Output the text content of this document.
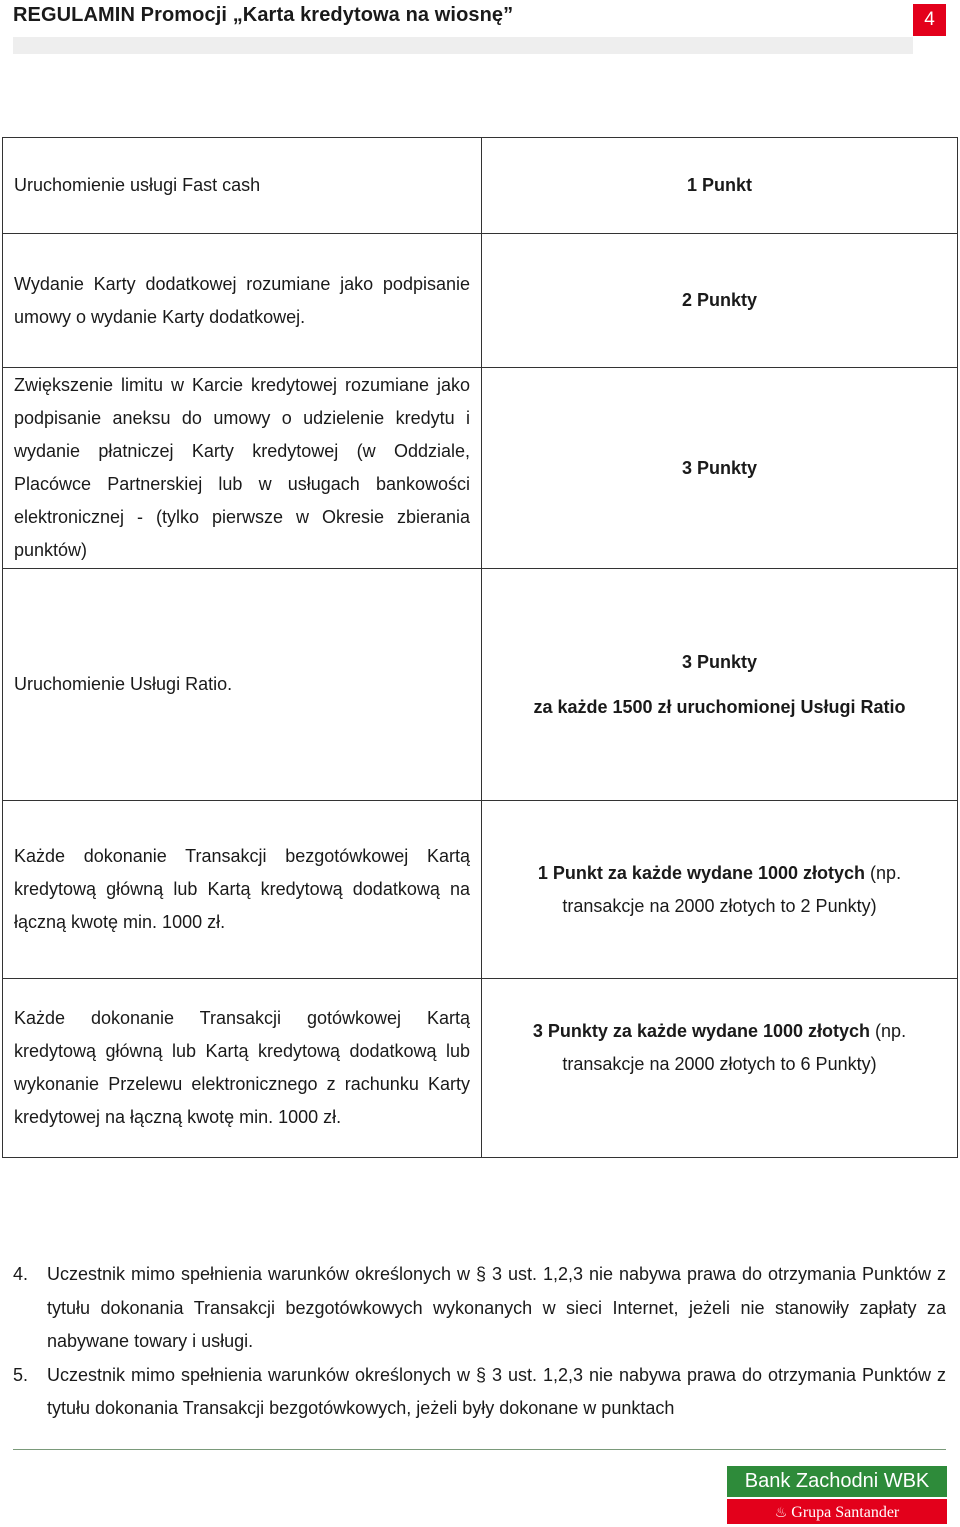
REGULAMIN Promocji „Karta kredytowa na wiosnę”	4
Uruchomienie usługi Fast cash	1 Punkt

Wydanie Karty dodatkowej rozumiane jako podpisanie umowy o wydanie Karty dodatkowej.	2 Punkty

Zwiększenie limitu w Karcie kredytowej rozumiane jako podpisanie aneksu do umowy o udzielenie kredytu i wydanie płatniczej Karty kredytowej (w Oddziale, Placówce Partnerskiej lub w usługach bankowości elektronicznej - (tylko pierwsze w Okresie zbierania punktów)	3 Punkty

Uruchomienie Usługi Ratio.	3 Punkty
za każde 1500 zł uruchomionej Usługi Ratio

Każde dokonanie Transakcji bezgotówkowej Kartą kredytową główną lub Kartą kredytową dodatkową na łączną kwotę min. 1000 zł.	1 Punkt za każde wydane 1000 złotych (np. transakcje na 2000 złotych to 2 Punkty)

Każde dokonanie Transakcji gotówkowej Kartą kredytową główną lub Kartą kredytową dodatkową lub wykonanie Przelewu elektronicznego z rachunku Karty kredytowej na łączną kwotę min. 1000 zł.	3 Punkty za każde wydane 1000 złotych (np. transakcje na 2000 złotych to 6 Punkty)
4.	Uczestnik mimo spełnienia warunków określonych w § 3 ust. 1,2,3 nie nabywa prawa do otrzymania Punktów z tytułu dokonania Transakcji bezgotówkowych wykonanych w sieci Internet, jeżeli nie stanowiły zapłaty za nabywane towary i usługi.
5.	Uczestnik mimo spełnienia warunków określonych w § 3 ust. 1,2,3 nie nabywa prawa do otrzymania Punktów z tytułu dokonania Transakcji bezgotówkowych, jeżeli były dokonane w punktach
Bank Zachodni WBK
♨ Grupa Santander
